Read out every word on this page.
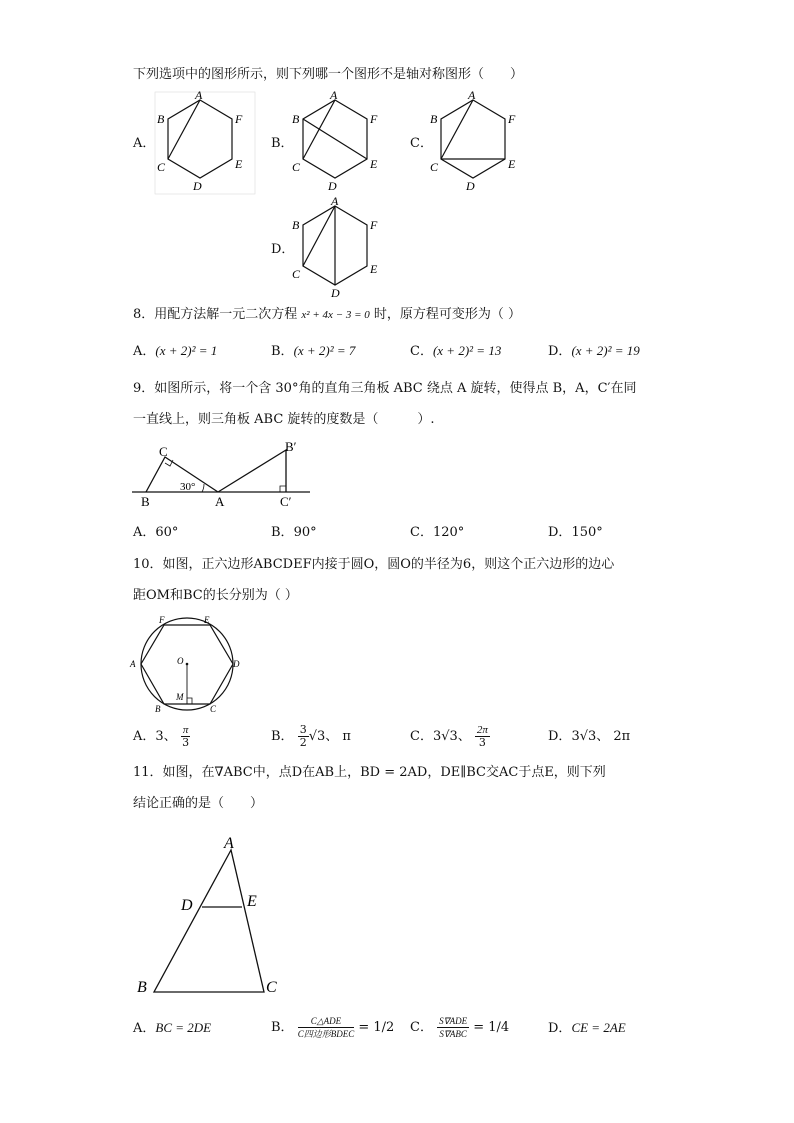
下列选项中的图形所示，则下列哪一个图形不是轴对称图形（　　）
A．
A
B
C
D
E
F
B．
A
B
C
D
E
F
C．
A
B
C
D
E
F
D．
A
B
C
D
E
F
8．用配方法解一元二次方程 x² + 4x − 3 = 0 时，原方程可变形为（ ）
A．(x + 2)² = 1	B．(x + 2)² = 7	C．(x + 2)² = 13	D．(x + 2)² = 19
9．如图所示，将一个含 30°角的直角三角板 ABC 绕点 A 旋转，使得点 B，A，C′在同
一直线上，则三角板 ABC 旋转的度数是（　　　）.
C
B	A
B′
C′
30°
A．60°	B．90°	C．120°	D．150°
10．如图，正六边形ABCDEF内接于圆O，圆O的半径为6，则这个正六边形的边心
距OM和BC的长分别为（ ）
A
B	C
D
E
F
O
M
A．3、 $\frac{\pi}{3}$	B． $\frac{3}{2} √3$、 π	C．3√3、 $\frac{2\pi}{3}$	D．3√3、 2π
11．如图，在∇ABC中，点D在AB上，BD = 2AD，DE∥BC交AC于点E，则下列
结论正确的是（　　）
A
B	C
D	E
A．BC = 2DE	B． $\frac{\text{C△ADE}}{\text{C四边形BDEC}} = 1/2$ C． $\frac{\text{S∇ADE}}{\text{S∇ABC}} = 1/4$	D．CE = 2AE
